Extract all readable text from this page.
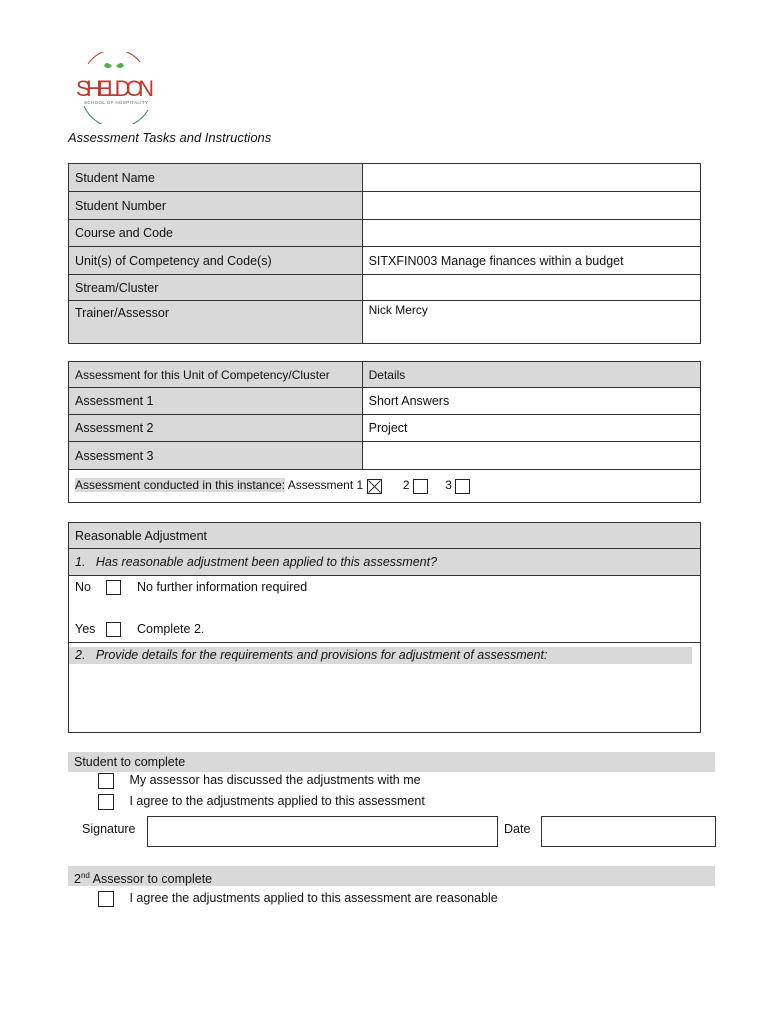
SHELDON
SCHOOL OF HOSPITALITY
Assessment Tasks and Instructions
Student Name	
Student Number	
Course and Code	
Unit(s) of Competency and Code(s)	SITXFIN003 Manage finances within a budget
Stream/Cluster	
Trainer/Assessor	Nick Mercy
Assessment for this Unit of Competency/Cluster	Details
Assessment 1	Short Answers
Assessment 2	Project
Assessment 3	
Assessment conducted in this instance: Assessment 1 2 3	
Reasonable Adjustment
1.   Has reasonable adjustment been applied to this assessment?
No	No further information required
Yes	Complete 2.
2.   Provide details for the requirements and provisions for adjustment of assessment:
Student to complete
My assessor has discussed the adjustments with me
I agree to the adjustments applied to this assessment
Signature	Date
2nd Assessor to complete
I agree the adjustments applied to this assessment are reasonable
